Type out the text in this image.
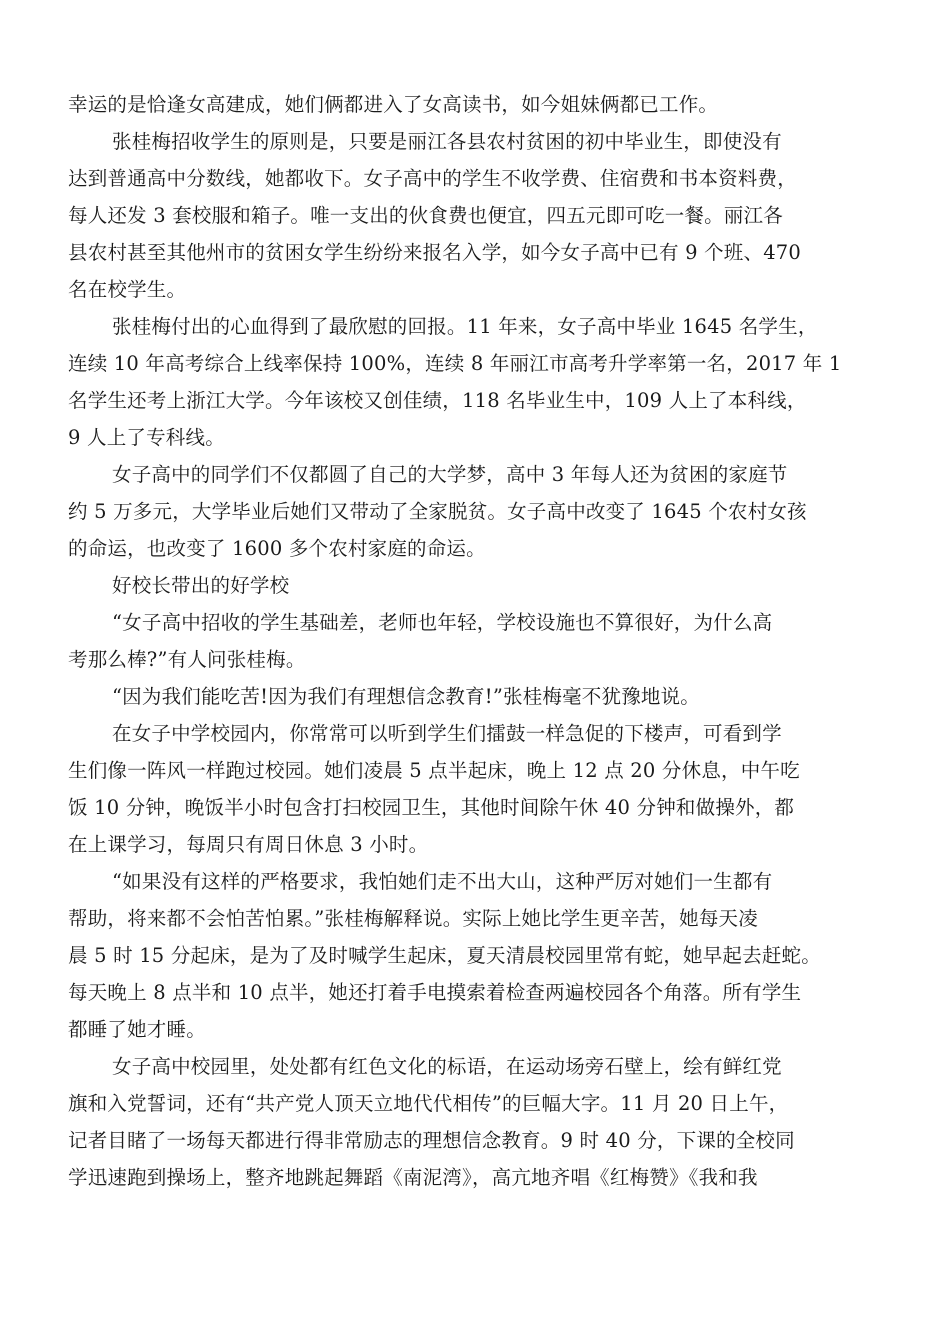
幸运的是恰逢女高建成，她们俩都进入了女高读书，如今姐妹俩都已工作。
张桂梅招收学生的原则是，只要是丽江各县农村贫困的初中毕业生，即使没有
达到普通高中分数线，她都收下。女子高中的学生不收学费、住宿费和书本资料费，
每人还发 3 套校服和箱子。唯一支出的伙食费也便宜，四五元即可吃一餐。丽江各
县农村甚至其他州市的贫困女学生纷纷来报名入学，如今女子高中已有 9 个班、470
名在校学生。
张桂梅付出的心血得到了最欣慰的回报。11 年来，女子高中毕业 1645 名学生，
连续 10 年高考综合上线率保持 100%，连续 8 年丽江市高考升学率第一名，2017 年 1
名学生还考上浙江大学。今年该校又创佳绩，118 名毕业生中，109 人上了本科线，
9 人上了专科线。
女子高中的同学们不仅都圆了自己的大学梦，高中 3 年每人还为贫困的家庭节
约 5 万多元，大学毕业后她们又带动了全家脱贫。女子高中改变了 1645 个农村女孩
的命运，也改变了 1600 多个农村家庭的命运。
好校长带出的好学校
“女子高中招收的学生基础差，老师也年轻，学校设施也不算很好，为什么高
考那么棒?”有人问张桂梅。
“因为我们能吃苦!因为我们有理想信念教育!”张桂梅毫不犹豫地说。
在女子中学校园内，你常常可以听到学生们擂鼓一样急促的下楼声，可看到学
生们像一阵风一样跑过校园。她们凌晨 5 点半起床，晚上 12 点 20 分休息，中午吃
饭 10 分钟，晚饭半小时包含打扫校园卫生，其他时间除午休 40 分钟和做操外，都
在上课学习，每周只有周日休息 3 小时。
“如果没有这样的严格要求，我怕她们走不出大山，这种严厉对她们一生都有
帮助，将来都不会怕苦怕累。”张桂梅解释说。实际上她比学生更辛苦，她每天凌
晨 5 时 15 分起床，是为了及时喊学生起床，夏天清晨校园里常有蛇，她早起去赶蛇。
每天晚上 8 点半和 10 点半，她还打着手电摸索着检查两遍校园各个角落。所有学生
都睡了她才睡。
女子高中校园里，处处都有红色文化的标语，在运动场旁石壁上，绘有鲜红党
旗和入党誓词，还有“共产党人顶天立地代代相传”的巨幅大字。11 月 20 日上午，
记者目睹了一场每天都进行得非常励志的理想信念教育。9 时 40 分，下课的全校同
学迅速跑到操场上，整齐地跳起舞蹈《南泥湾》，高亢地齐唱《红梅赞》《我和我
